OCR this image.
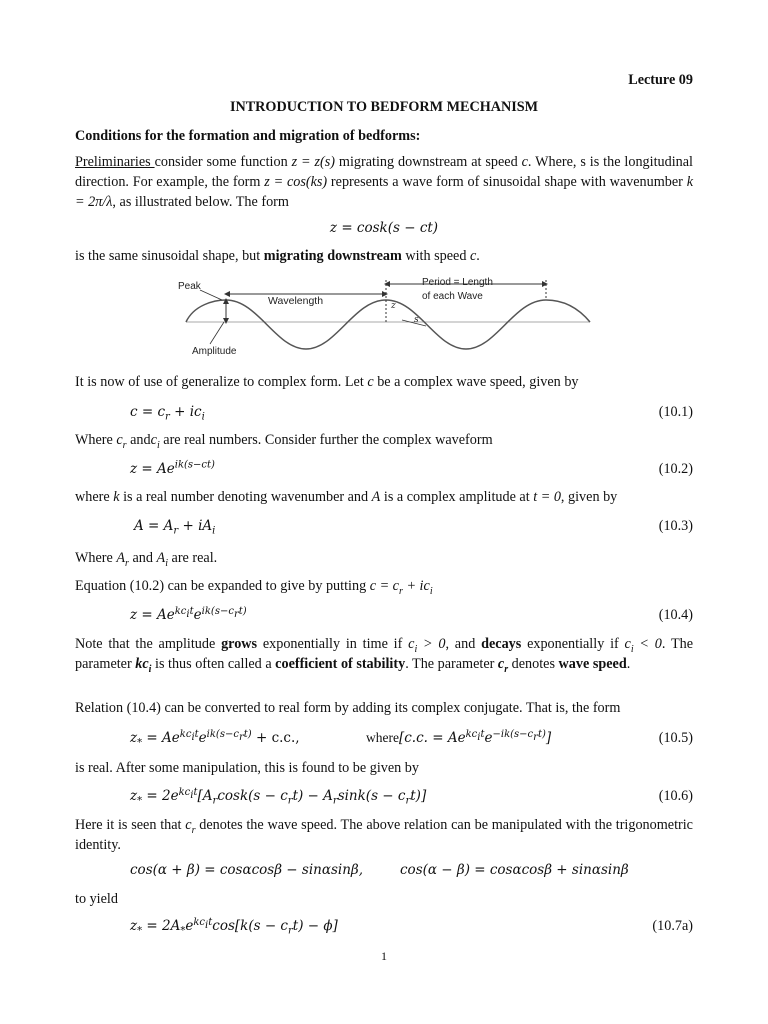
Lecture 09
INTRODUCTION TO BEDFORM MECHANISM
Conditions for the formation and migration of bedforms:
Preliminaries consider some function z = z(s) migrating downstream at speed c. Where, s is the longitudinal direction. For example, the form z = cos(ks) represents a wave form of sinusoidal shape with wavenumber k = 2π/λ, as illustrated below. The form
z = cosk(s − ct)
is the same sinusoidal shape, but migrating downstream with speed c.
Peak
Wavelength
Period = Length
of each Wave
Amplitude
z
s
It is now of use of generalize to complex form. Let c be a complex wave speed, given by
$c = c_r + ic_i$	(10.1)
Where $c_r$ andc$_i$ are real numbers. Consider further the complex waveform
$z = Ae^{ik(s-ct)}$	(10.2)
where k is a real number denoting wavenumber and A is a complex amplitude at t = 0, given by
$A = A_r + iA_i$	(10.3)
Where $A_r$ and $A_i$ are real.
Equation (10.2) can be expanded to give by putting $c = c_r + ic_i$
$z = Ae^{kc_it}e^{ik(s-c_rt)}$	(10.4)
Note that the amplitude grows exponentially in time if $c_i > 0$, and decays exponentially if $c_i < 0$. The parameter $kc_i$ is thus often called a coefficient of stability. The parameter $c_r$ denotes wave speed.
Relation (10.4) can be converted to real form by adding its complex conjugate. That is, the form
$z_* = Ae^{kc_it}e^{ik(s-c_rt)} + c.c$.,	where[c.c. = $Ae^{kc_it}e^{-ik(s-c_rt)}$]	(10.5)
is real. After some manipulation, this is found to be given by
$z_* = 2e^{kc_it}[A_r\cos k(s - c_rt) - A_r\sin k(s - c_rt)]$	(10.6)
Here it is seen that $c_r$ denotes the wave speed. The above relation can be manipulated with the trigonometric identity.
cos(α + β) = cosαcosβ − sinαsinβ,	cos(α − β) = cosαcosβ + sinαsinβ
to yield
$z_* = 2A_*e^{kc_it}\cos[k(s - c_rt) - \phi]$	(10.7a)
1
